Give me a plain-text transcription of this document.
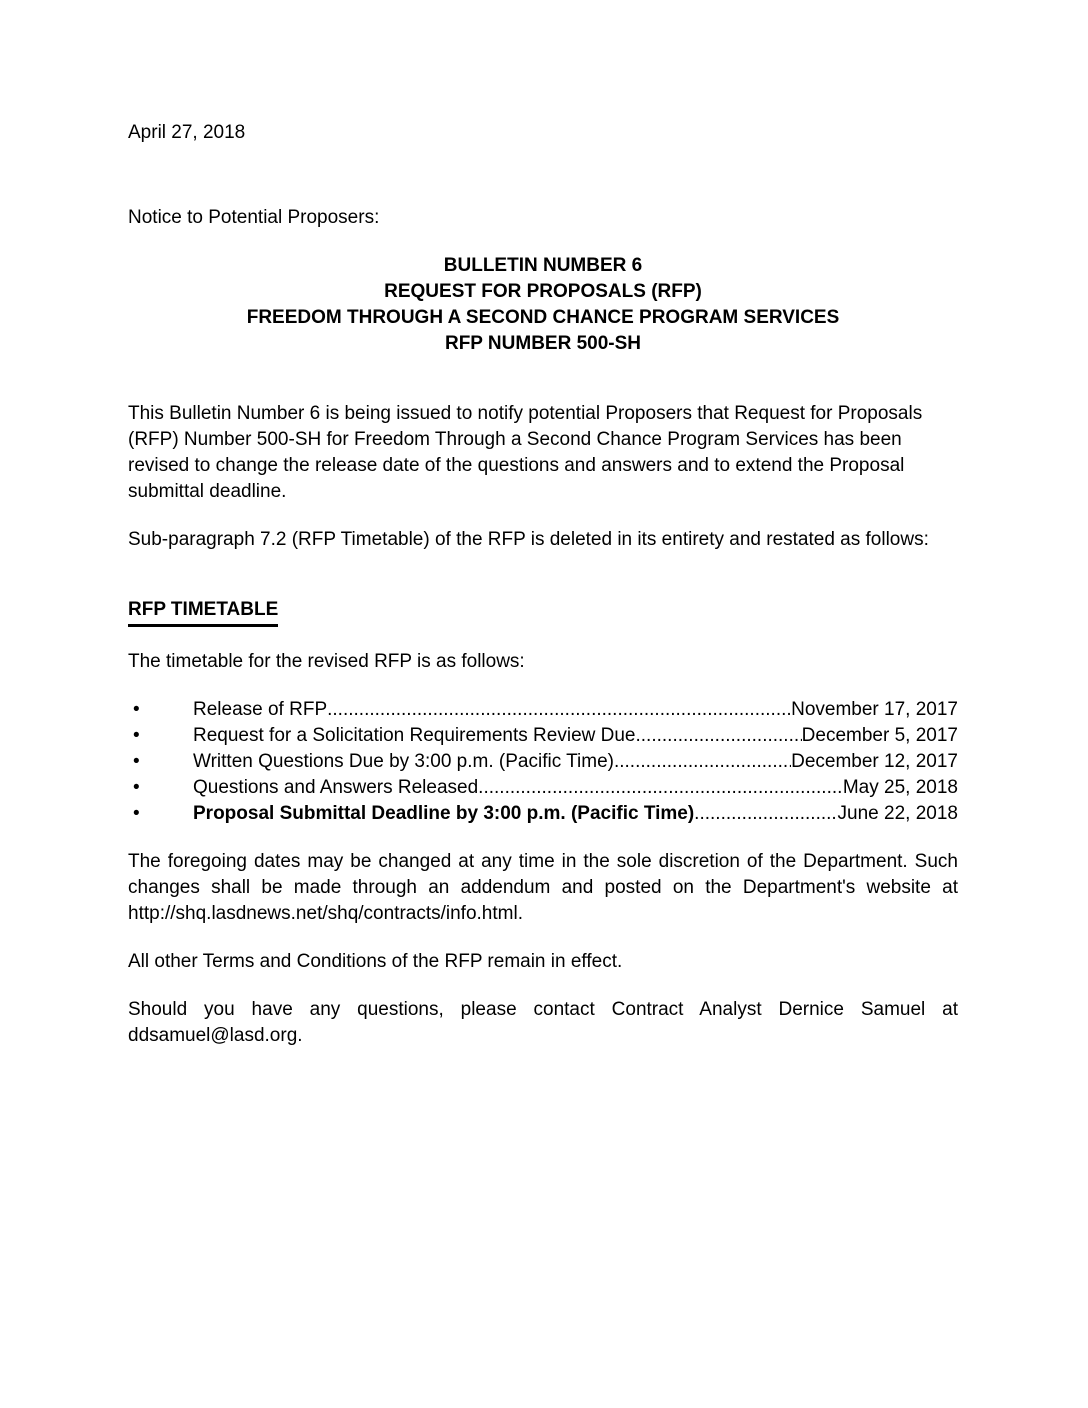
April 27, 2018

Notice to Potential Proposers:

BULLETIN NUMBER 6

REQUEST FOR PROPOSALS (RFP)

FREEDOM THROUGH A SECOND CHANCE PROGRAM SERVICES

RFP NUMBER 500-SH

This Bulletin Number 6 is being issued to notify potential Proposers that Request for Proposals (RFP) Number 500-SH for Freedom Through a Second Chance Program Services has been revised to change the release date of the questions and answers and to extend the Proposal submittal deadline.

Sub-paragraph 7.2 (RFP Timetable) of the RFP is deleted in its entirety and restated as follows:

RFP TIMETABLE

The timetable for the revised RFP is as follows:

•
Release of RFP .....	November 17, 2017
•
Request for a Solicitation Requirements Review Due .....	December 5, 2017
•
Written Questions Due by 3:00 p.m. (Pacific Time) .....	December 12, 2017
•
Questions and Answers Released .....	May 25, 2018
•
Proposal Submittal Deadline by 3:00 p.m. (Pacific Time) .....	June 22, 2018

The foregoing dates may be changed at any time in the sole discretion of the Department. Such changes shall be made through an addendum and posted on the Department's website at http://shq.lasdnews.net/shq/contracts/info.html.

All other Terms and Conditions of the RFP remain in effect.

Should you have any questions, please contact Contract Analyst Dernice Samuel at ddsamuel@lasd.org.
